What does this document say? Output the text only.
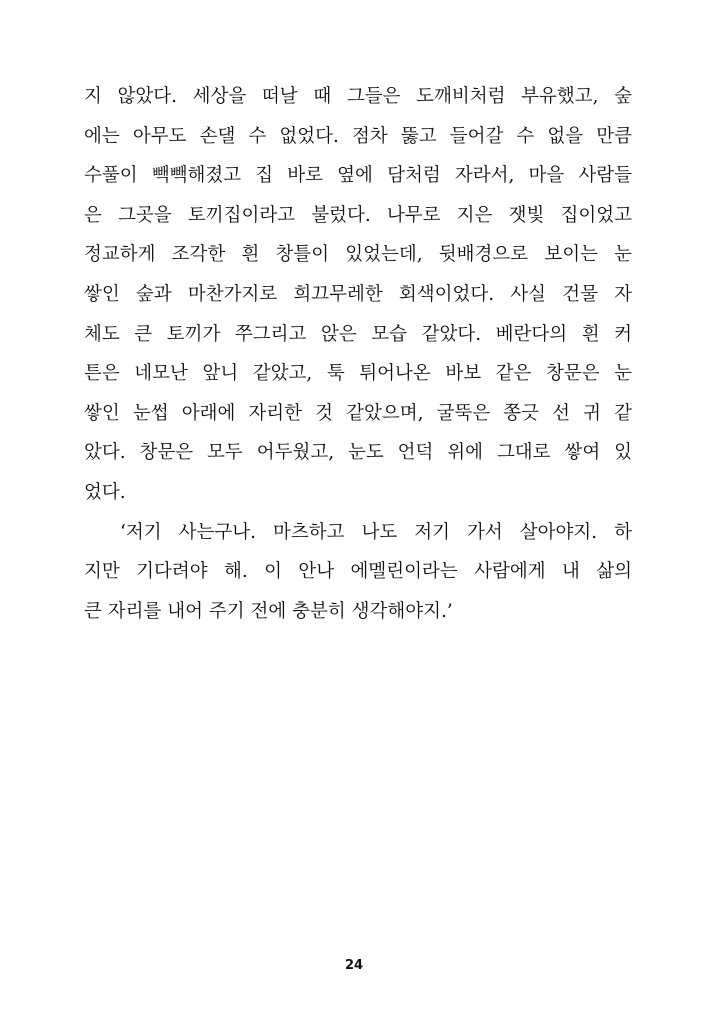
지 않았다. 세상을 떠날 때 그들은 도깨비처럼 부유했고, 숲
에는 아무도 손댈 수 없었다. 점차 뚫고 들어갈 수 없을 만큼
수풀이 빽빽해졌고 집 바로 옆에 담처럼 자라서, 마을 사람들
은 그곳을 토끼집이라고 불렀다. 나무로 지은 잿빛 집이었고
정교하게 조각한 흰 창틀이 있었는데, 뒷배경으로 보이는 눈
쌓인 숲과 마찬가지로 희끄무레한 회색이었다. 사실 건물 자
체도 큰 토끼가 쭈그리고 앉은 모습 같았다. 베란다의 흰 커
튼은 네모난 앞니 같았고, 툭 튀어나온 바보 같은 창문은 눈
쌓인 눈썹 아래에 자리한 것 같았으며, 굴뚝은 쫑긋 선 귀 같
았다. 창문은 모두 어두웠고, 눈도 언덕 위에 그대로 쌓여 있
었다.
‘저기 사는구나. 마츠하고 나도 저기 가서 살아야지. 하
지만 기다려야 해. 이 안나 에멜린이라는 사람에게 내 삶의
큰 자리를 내어 주기 전에 충분히 생각해야지.’
24
